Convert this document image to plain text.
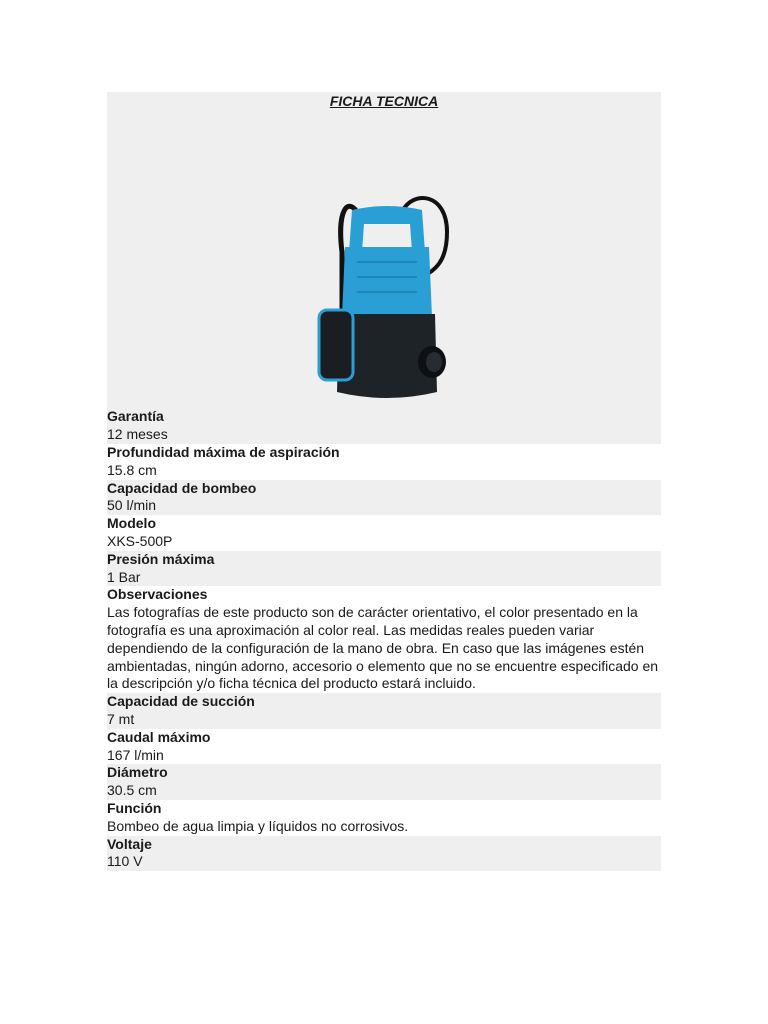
FICHA TECNICA
Garantía
12 meses
Profundidad máxima de aspiración
15.8 cm
Capacidad de bombeo
50 l/min
Modelo
XKS-500P
Presión máxima
1 Bar
Observaciones
Las fotografías de este producto son de carácter orientativo, el color presentado en la fotografía es una aproximación al color real. Las medidas reales pueden variar dependiendo de la configuración de la mano de obra. En caso que las imágenes estén ambientadas, ningún adorno, accesorio o elemento que no se encuentre especificado en la descripción y/o ficha técnica del producto estará incluido.
Capacidad de succión
7 mt
Caudal máximo
167 l/min
Diámetro
30.5 cm
Función
Bombeo de agua limpia y líquidos no corrosivos.
Voltaje
110 V
